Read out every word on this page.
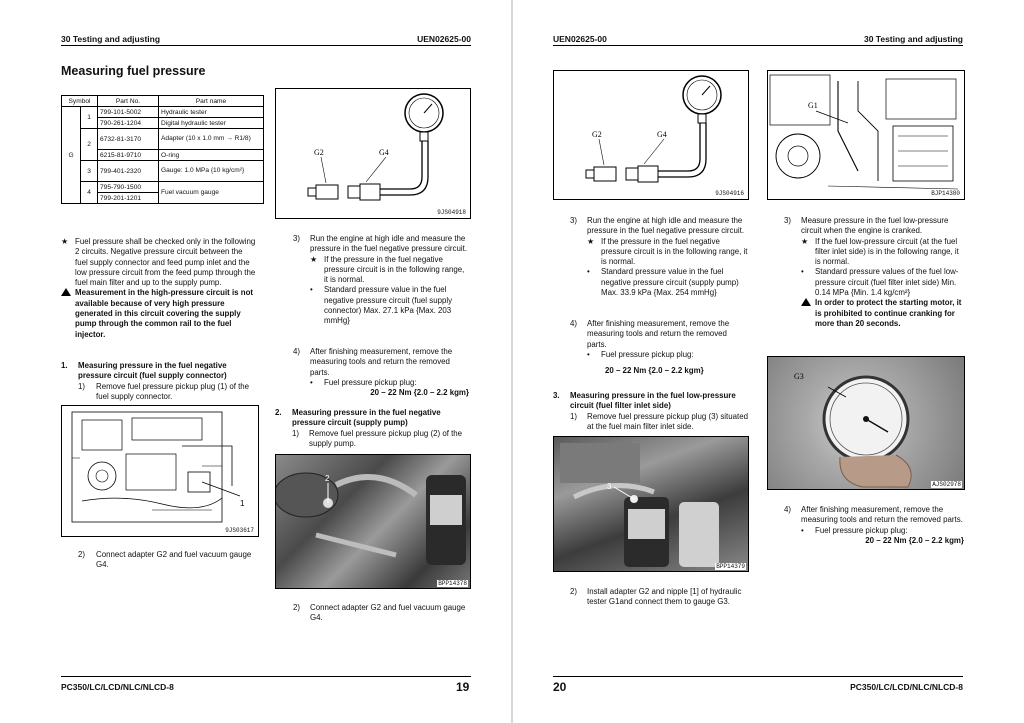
30 Testing and adjusting	UEN02625-00
Measuring fuel pressure
Symbol		Part No.	Part name
G	1	799-101-5002	Hydraulic tester
		790-261-1204	Digital hydraulic tester
	2	6732-81-3170	Adapter (10 x 1.0 mm → R1/8)
		6215-81-9710	O-ring
	3	799-401-2320	Gauge: 1.0 MPa {10 kg/cm²}
	4	795-790-1500	Fuel vacuum gauge
		799-201-1201	
G2	G4
9JS04918
★ Fuel pressure shall be checked only in the following 2 circuits. Negative pressure circuit between the fuel supply connector and feed pump inlet and the low pressure circuit from the feed pump through the fuel main filter and up to the supply pump.

Measurement in the high-pressure circuit is not available because of very high pressure generated in this circuit covering the supply pump through the common rail to the fuel injector.

1.	Measuring pressure in the fuel negative pressure circuit (fuel supply connector)

1)	Remove fuel pressure pickup plug (1) of the fuel supply connector.

1
9JS03617
2)	Connect adapter G2 and fuel vacuum gauge G4.

3)	Run the engine at high idle and measure the pressure in the fuel negative pressure circuit.

★ If the pressure in the fuel negative pressure circuit is in the following range, it is normal.

•	Standard pressure value in the fuel negative pressure circuit (fuel supply connector) Max. 27.1 kPa {Max. 203 mmHg}

4)	After finishing measurement, remove the measuring tools and return the removed parts.

•	Fuel pressure pickup plug:

20 – 22 Nm {2.0 – 2.2 kgm}

2.	Measuring pressure in the fuel negative pressure circuit (supply pump)

1)	Remove fuel pressure pickup plug (2) of the supply pump.

2
BPP14378
2)	Connect adapter G2 and fuel vacuum gauge G4.

PC350/LC/LCD/NLC/NLCD-8	19
UEN02625-00	30 Testing and adjusting
G2	G4
9JS04916
G1
BJP14380
3)	Run the engine at high idle and measure the pressure in the fuel negative pressure circuit.

★ If the pressure in the fuel negative pressure circuit is in the following range, it is normal.

•	Standard pressure value in the fuel negative pressure circuit (supply pump) Max. 33.9 kPa {Max. 254 mmHg}

4)	After finishing measurement, remove the measuring tools and return the removed parts.

•	Fuel pressure pickup plug:

20 – 22 Nm {2.0 – 2.2 kgm}

3.	Measuring pressure in the fuel low-pressure circuit (fuel filter inlet side)

1)	Remove fuel pressure pickup plug (3) situated at the fuel main filter inlet side.

3
BPP14379
2)	Install adapter G2 and nipple [1] of hydraulic tester G1and connect them to gauge G3.

3)	Measure pressure in the fuel low-pressure circuit when the engine is cranked.

★ If the fuel low-pressure circuit (at the fuel filter inlet side) is in the following range, it is normal.

•	Standard pressure values of the fuel low-pressure circuit (fuel filter inlet side) Min. 0.14 MPa {Min. 1.4 kg/cm²}

In order to protect the starting motor, it is prohibited to continue cranking for more than 20 seconds.

G3
AJS02978
4)	After finishing measurement, remove the measuring tools and return the removed parts.

•	Fuel pressure pickup plug:

20 – 22 Nm {2.0 – 2.2 kgm}

20	PC350/LC/LCD/NLC/NLCD-8
